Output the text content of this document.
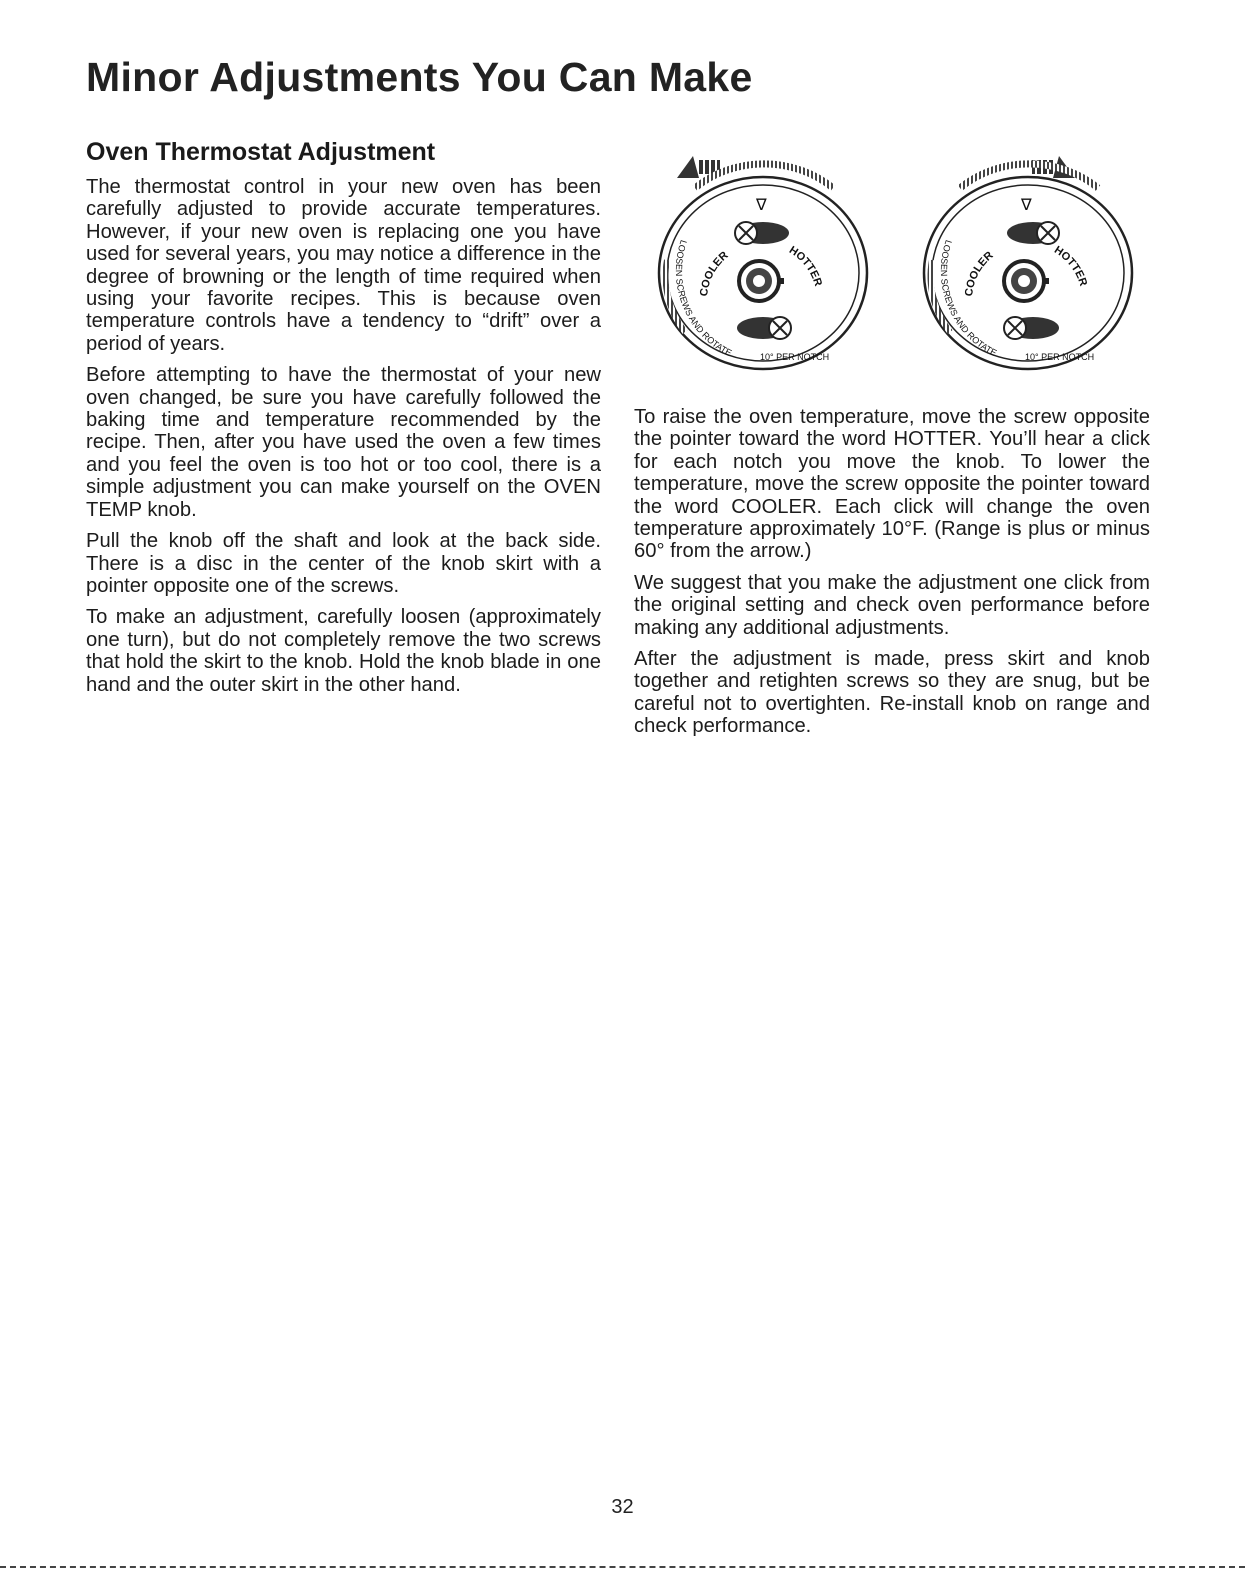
Minor Adjustments You Can Make
Oven Thermostat Adjustment

The thermostat control in your new oven has been carefully adjusted to provide accurate temperatures. However, if your new oven is replacing one you have used for several years, you may notice a difference in the degree of browning or the length of time required when using your favorite recipes. This is because oven temperature controls have a tendency to “drift” over a period of years.

Before attempting to have the thermostat of your new oven changed, be sure you have carefully followed the baking time and temperature recommended by the recipe. Then, after you have used the oven a few times and you feel the oven is too hot or too cool, there is a simple adjustment you can make yourself on the OVEN TEMP knob.

Pull the knob off the shaft and look at the back side. There is a disc in the center of the knob skirt with a pointer opposite one of the screws.

To make an adjustment, carefully loosen (approximately one turn), but do not completely remove the two screws that hold the skirt to the knob. Hold the knob blade in one hand and the outer skirt in the other hand.

∇
COOLER	HOTTER
LOOSEN SCREWS AND ROTATE	10° PER NOTCH
∇
COOLER	HOTTER
LOOSEN SCREWS AND ROTATE	10° PER NOTCH

To raise the oven temperature, move the screw opposite the pointer toward the word HOTTER. You’ll hear a click for each notch you move the knob. To lower the temperature, move the screw opposite the pointer toward the word COOLER. Each click will change the oven temperature approximately 10°F. (Range is plus or minus 60° from the arrow.)

We suggest that you make the adjustment one click from the original setting and check oven performance before making any additional adjustments.

After the adjustment is made, press skirt and knob together and retighten screws so they are snug, but be careful not to overtighten. Re-install knob on range and check performance.

32
